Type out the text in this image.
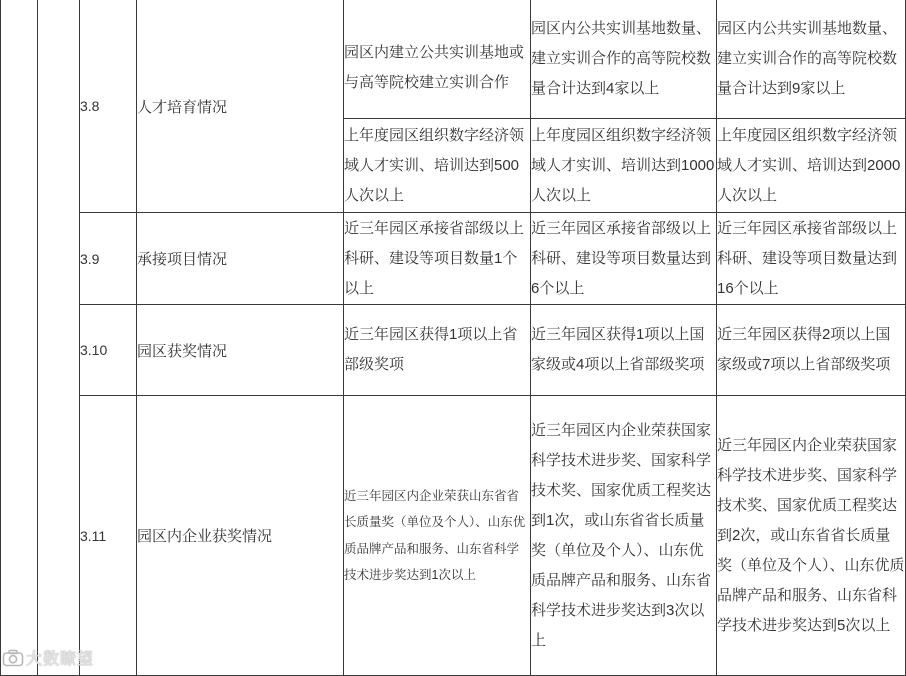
		3.8	人才培育情况	园区内建立公共实训基地或与高等院校建立实训合作	园区内公共实训基地数量、建立实训合作的高等院校数量合计达到4家以上	园区内公共实训基地数量、建立实训合作的高等院校数量合计达到9家以上
				上年度园区组织数字经济领域人才实训、培训达到500人次以上	上年度园区组织数字经济领域人才实训、培训达到1000人次以上	上年度园区组织数字经济领域人才实训、培训达到2000人次以上
		3.9	承接项目情况	近三年园区承接省部级以上科研、建设等项目数量1个以上	近三年园区承接省部级以上科研、建设等项目数量达到6个以上	近三年园区承接省部级以上科研、建设等项目数量达到16个以上
		3.10	园区获奖情况	近三年园区获得1项以上省部级奖项	近三年园区获得1项以上国家级或4项以上省部级奖项	近三年园区获得2项以上国家级或7项以上省部级奖项
		3.11	园区内企业获奖情况	近三年园区内企业荣获山东省省长质量奖（单位及个人）、山东优质品牌产品和服务、山东省科学技术进步奖达到1次以上	近三年园区内企业荣获国家科学技术进步奖、国家科学技术奖、国家优质工程奖达到1次，或山东省省长质量奖（单位及个人）、山东优质品牌产品和服务、山东省科学技术进步奖达到3次以上	近三年园区内企业荣获国家科学技术进步奖、国家科学技术奖、国家优质工程奖达到2次，或山东省省长质量奖（单位及个人）、山东优质品牌产品和服务、山东省科学技术进步奖达到5次以上
大数瞭望
